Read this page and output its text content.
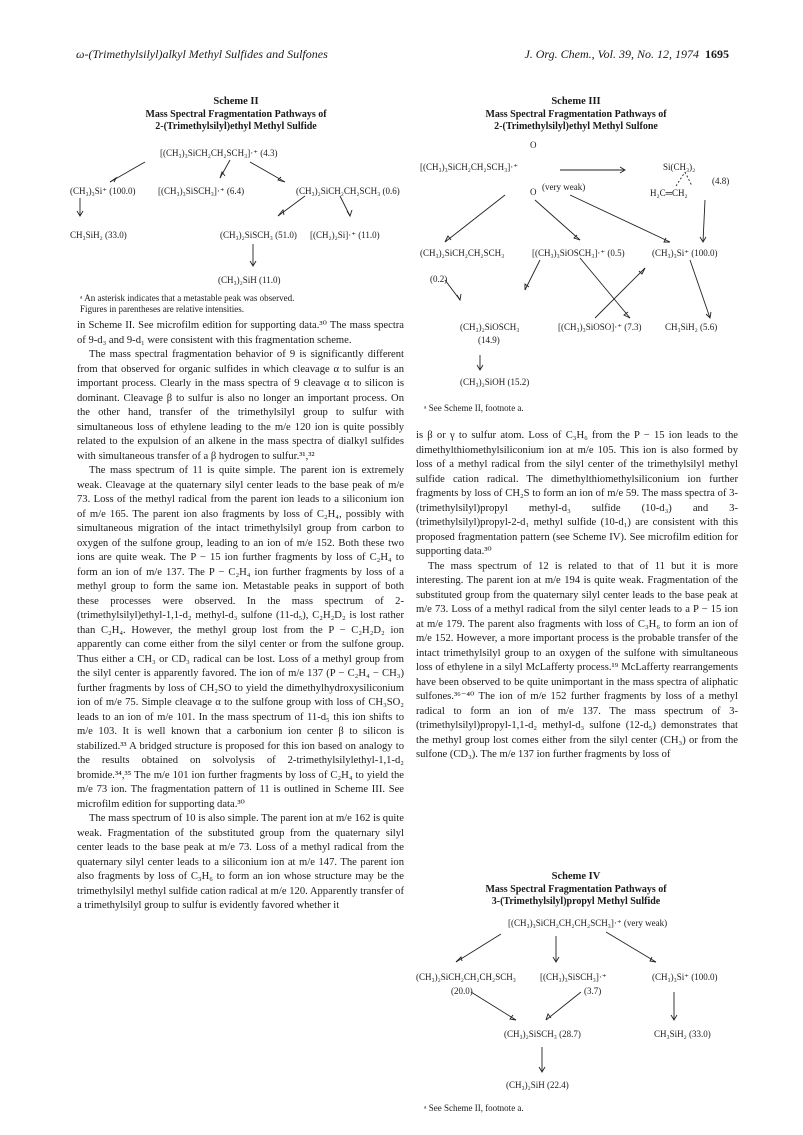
ω-(Trimethylsilyl)alkyl Methyl Sulfides and Sulfones	J. Org. Chem., Vol. 39, No. 12, 1974 1695
Scheme II
Mass Spectral Fragmentation Pathways of
2-(Trimethylsilyl)ethyl Methyl Sulfide
[(CH₃)₃SiCH₂CH₂SCH₃]·⁺ (4.3)
(CH₃)₃Si⁺ (100.0) [(CH₃)₃SiSCH₃]·⁺ (6.4)	(CH₃)₂SiCH₂CH₂SCH₃ (0.6)
CH₃SiH₂ (33.0)	(CH₃)₂SiSCH₃ (51.0) [(CH₂)₂Si]·⁺ (11.0)
(CH₃)₂SiH (11.0)
ᵃ An asterisk indicates that a metastable peak was observed.
Figures in parentheses are relative intensities.
Scheme III
Mass Spectral Fragmentation Pathways of
2-(Trimethylsilyl)ethyl Methyl Sulfone
O
[(CH₃)₃SiCH₂CH₂SCH₃]·⁺
O (very weak)
Si(CH₃)₂
H₂C═CH₂
(4.8)
(CH₃)₂SiCH₂CH₂SCH₃
(0.2)
[(CH₃)₃SiOSCH₃]·⁺ (0.5)	(CH₃)₃Si⁺ (100.0)
(CH₃)₂SiOSCH₃
(14.9)
[(CH₃)₃SiOSO]·⁺ (7.3)	CH₃SiH₂ (5.6)
(CH₃)₂SiOH (15.2)
ᵃ See Scheme II, footnote a.

in Scheme II. See microfilm edition for supporting data.³⁰ The mass spectra of 9-d₃ and 9-d₁ were consistent with this fragmentation scheme.

The mass spectral fragmentation behavior of 9 is significantly different from that observed for organic sulfides in which cleavage α to sulfur is an important process. Clearly in the mass spectra of 9 cleavage α to silicon is dominant. Cleavage β to sulfur is also no longer an important process. On the other hand, transfer of the trimethylsilyl group to sulfur with simultaneous loss of ethylene leading to the m/e 120 ion is quite possibly related to the expulsion of an alkene in the mass spectra of dialkyl sulfides with simultaneous transfer of a β hydrogen to sulfur.³¹,³²

The mass spectrum of 11 is quite simple. The parent ion is extremely weak. Cleavage at the quaternary silyl center leads to the base peak of m/e 73. Loss of the methyl radical from the parent ion leads to a siliconium ion of m/e 165. The parent ion also fragments by loss of C₂H₄, possibly with simultaneous migration of the intact trimethylsilyl group from carbon to oxygen of the sulfone group, leading to an ion of m/e 152. Both these two ions are quite weak. The P − 15 ion further fragments by loss of C₂H₄ to form an ion of m/e 137. The P − C₂H₄ ion further fragments by loss of a methyl group to form the same ion. Metastable peaks in support of both these processes were observed. In the mass spectrum of 2-(trimethylsilyl)ethyl-1,1-d₂ methyl-d₃ sulfone (11-d₅), C₂H₂D₂ is lost rather than C₂H₄. However, the methyl group lost from the P − C₂H₂D₂ ion apparently can come either from the silyl center or from the sulfone group. Thus either a CH₃ or CD₃ radical can be lost. Loss of a methyl group from the silyl center is apparently favored. The ion of m/e 137 (P − C₂H₄ − CH₃) further fragments by loss of CH₂SO to yield the dimethylhydroxysiliconium ion of m/e 75. Simple cleavage α to the sulfone group with loss of CH₃SO₂ leads to an ion of m/e 101. In the mass spectrum of 11-d₅ this ion shifts to m/e 103. It is well known that a carbonium ion center β to silicon is stabilized.³³ A bridged structure is proposed for this ion based on analogy to the results obtained on solvolysis of 2-trimethylsilylethyl-1,1-d₂ bromide.³⁴,³⁵ The m/e 101 ion further fragments by loss of C₂H₄ to yield the m/e 73 ion. The fragmentation pattern of 11 is outlined in Scheme III. See microfilm edition for supporting data.³⁰

The mass spectrum of 10 is also simple. The parent ion at m/e 162 is quite weak. Fragmentation of the substituted group from the quaternary silyl center leads to the base peak at m/e 73. Loss of a methyl radical from the quaternary silyl center leads to a siliconium ion at m/e 147. The parent ion also fragments by loss of C₃H₆ to form an ion whose structure may be the trimethylsilyl methyl sulfide cation radical at m/e 120. Apparently transfer of a trimethylsilyl group to sulfur is evidently favored whether it

is β or γ to sulfur atom. Loss of C₃H₆ from the P − 15 ion leads to the dimethylthiomethylsiliconium ion at m/e 105. This ion is also formed by loss of a methyl radical from the silyl center of the trimethylsilyl methyl sulfide cation radical. The dimethylthiomethylsiliconium ion further fragments by loss of CH₂S to form an ion of m/e 59. The mass spectra of 3-(trimethylsilyl)propyl methyl-d₃ sulfide (10-d₃) and 3-(trimethylsilyl)propyl-2-d₁ methyl sulfide (10-d₁) are consistent with this proposed fragmentation pattern (see Scheme IV). See microfilm edition for supporting data.³⁰

The mass spectrum of 12 is related to that of 11 but it is more interesting. The parent ion at m/e 194 is quite weak. Fragmentation of the substituted group from the quaternary silyl center leads to the base peak at m/e 73. Loss of a methyl radical from the silyl center leads to a P − 15 ion at m/e 179. The parent also fragments with loss of C₃H₆ to form an ion of m/e 152. However, a more important process is the probable transfer of the intact trimethylsilyl group to an oxygen of the sulfone with simultaneous loss of ethylene in a silyl McLafferty process.¹⁹ McLafferty rearrangements have been observed to be quite unimportant in the mass spectra of aliphatic sulfones.³⁶⁻⁴⁰ The ion of m/e 152 further fragments by loss of a methyl radical to form an ion of m/e 137. The mass spectrum of 3-(trimethylsilyl)propyl-1,1-d₂ methyl-d₃ sulfone (12-d₅) demonstrates that the methyl group lost comes either from the silyl center (CH₃) or from the sulfone (CD₃). The m/e 137 ion further fragments by loss of

Scheme IV
Mass Spectral Fragmentation Pathways of
3-(Trimethylsilyl)propyl Methyl Sulfide
[(CH₃)₃SiCH₂CH₂CH₂SCH₃]·⁺ (very weak)
(CH₃)₂SiCH₂CH₂CH₂SCH₃
(20.0)
[(CH₃)₃SiSCH₃]·⁺
(3.7)
(CH₃)₃Si⁺ (100.0)
(CH₃)₂SiSCH₃ (28.7)	CH₃SiH₂ (33.0)
(CH₃)₂SiH (22.4)
ᵃ See Scheme II, footnote a.
